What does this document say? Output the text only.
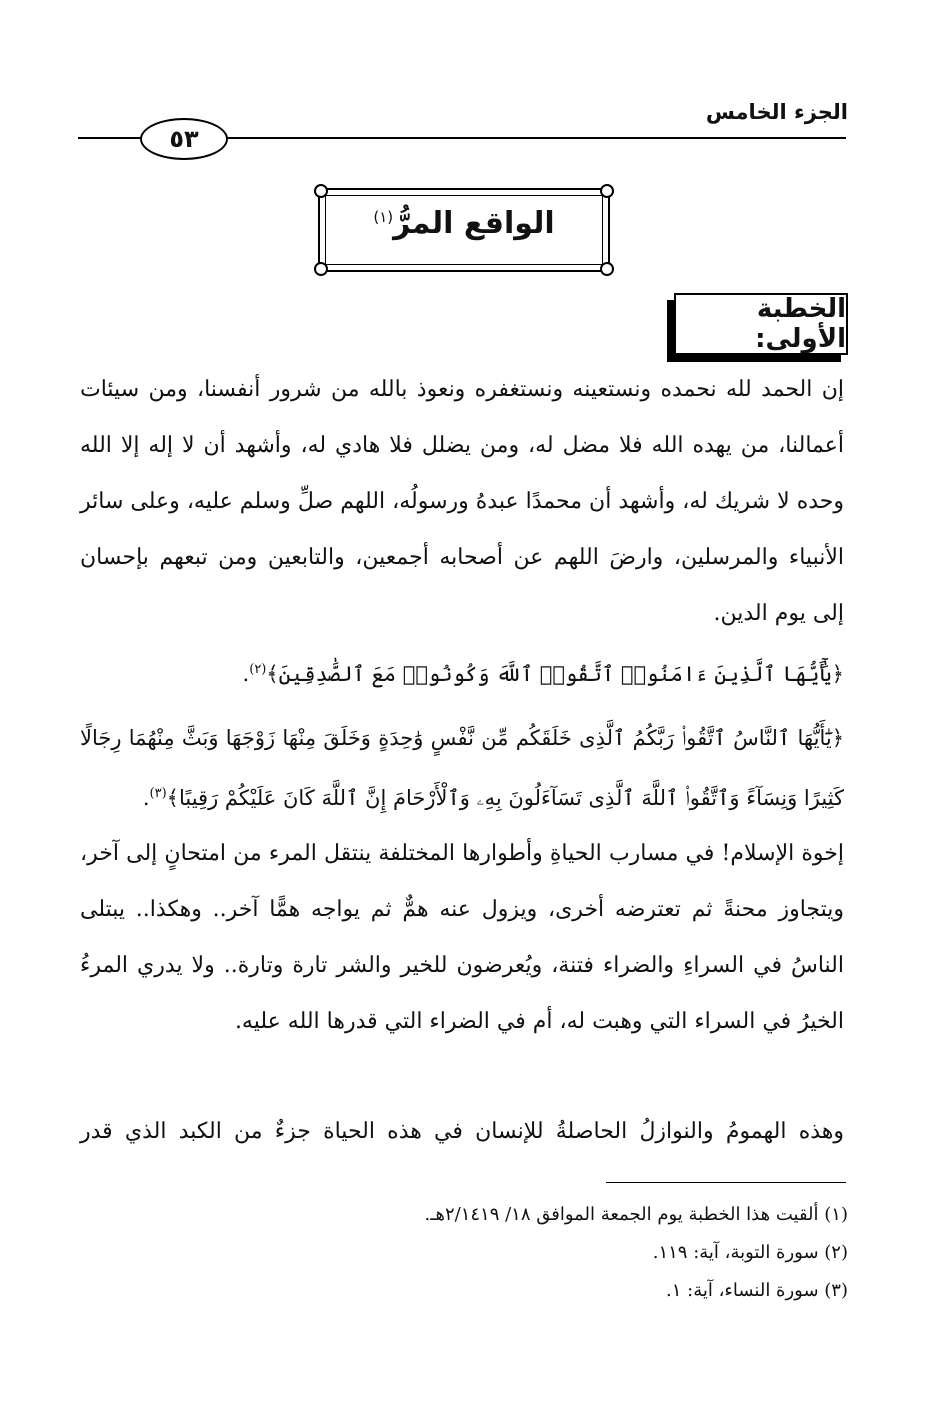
الجزء الخامس
٥٣
الواقع المرُّ$^{(١)}$
الخطبة الأولى:
إن الحمد لله نحمده ونستعينه ونستغفره ونعوذ بالله من شرور أنفسنا، ومن سيئات أعمالنا، من يهده الله فلا مضل له، ومن يضلل فلا هادي له، وأشهد أن لا إله إلا الله وحده لا شريك له، وأشهد أن محمدًا عبدهُ ورسولُه، اللهم صلِّ وسلم عليه، وعلى سائر الأنبياء والمرسلين، وارضَ اللهم عن أصحابه أجمعين، والتابعين ومن تبعهم بإحسان إلى يوم الدين.
﴿يَٰٓأَيُّهَا ٱلَّذِينَ ءَامَنُوا۟ ٱتَّقُوا۟ ٱللَّهَ وَكُونُوا۟ مَعَ ٱلصَّٰدِقِينَ﴾$^{(٢)}$.
﴿يَٰٓأَيُّهَا ٱلنَّاسُ ٱتَّقُوا۟ رَبَّكُمُ ٱلَّذِى خَلَقَكُم مِّن نَّفْسٍ وَٰحِدَةٍ وَخَلَقَ مِنْهَا زَوْجَهَا وَبَثَّ مِنْهُمَا رِجَالًا كَثِيرًا وَنِسَآءً وَٱتَّقُوا۟ ٱللَّهَ ٱلَّذِى تَسَآءَلُونَ بِهِۦ وَٱلْأَرْحَامَ إِنَّ ٱللَّهَ كَانَ عَلَيْكُمْ رَقِيبًا﴾$^{(٣)}$.
إخوة الإسلام! في مسارب الحياةِ وأطوارها المختلفة ينتقل المرء من امتحانٍ إلى آخر، ويتجاوز محنةً ثم تعترضه أخرى، ويزول عنه همٌّ ثم يواجه همًّا آخر.. وهكذا.. يبتلى الناسُ في السراءِ والضراء فتنة، ويُعرضون للخير والشر تارة وتارة.. ولا يدري المرءُ الخيرُ في السراء التي وهبت له، أم في الضراء التي قدرها الله عليه.
وهذه الهمومُ والنوازلُ الحاصلةُ للإنسان في هذه الحياة جزءٌ من الكبد الذي قدر
(١) ألقيت هذا الخطبة يوم الجمعة الموافق ١٨/ ٢/١٤١٩هـ.
(٢) سورة التوبة، آية: ١١٩.
(٣) سورة النساء، آية: ١.
